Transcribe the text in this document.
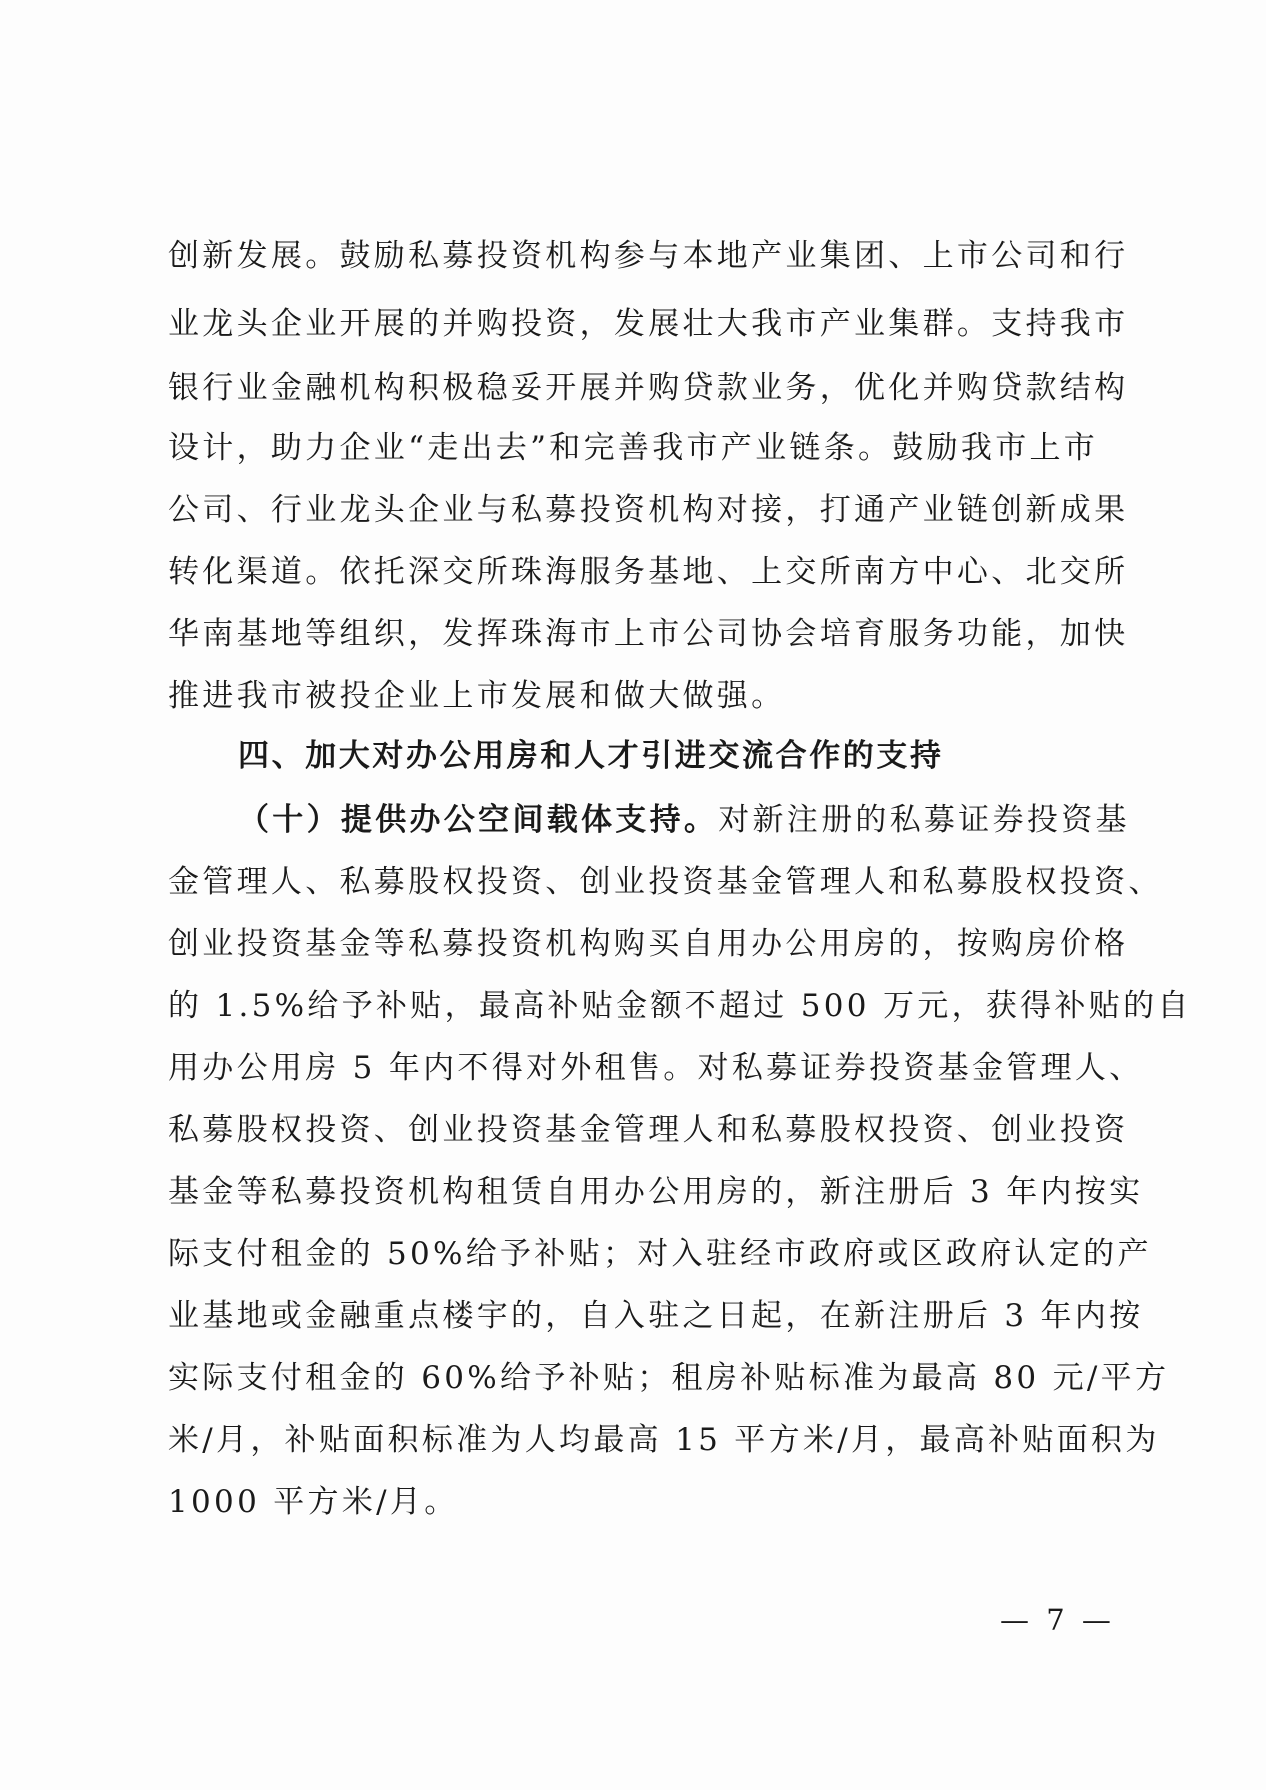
创新发展。鼓励私募投资机构参与本地产业集团、上市公司和行
业龙头企业开展的并购投资，发展壮大我市产业集群。支持我市
银行业金融机构积极稳妥开展并购贷款业务，优化并购贷款结构
设计，助力企业“走出去”和完善我市产业链条。鼓励我市上市
公司、行业龙头企业与私募投资机构对接，打通产业链创新成果
转化渠道。依托深交所珠海服务基地、上交所南方中心、北交所
华南基地等组织，发挥珠海市上市公司协会培育服务功能，加快
推进我市被投企业上市发展和做大做强。
四、加大对办公用房和人才引进交流合作的支持
（十）提供办公空间载体支持。对新注册的私募证券投资基
金管理人、私募股权投资、创业投资基金管理人和私募股权投资、
创业投资基金等私募投资机构购买自用办公用房的，按购房价格
的 1.5%给予补贴，最高补贴金额不超过 500 万元，获得补贴的自
用办公用房 5 年内不得对外租售。对私募证券投资基金管理人、
私募股权投资、创业投资基金管理人和私募股权投资、创业投资
基金等私募投资机构租赁自用办公用房的，新注册后 3 年内按实
际支付租金的 50%给予补贴；对入驻经市政府或区政府认定的产
业基地或金融重点楼宇的，自入驻之日起，在新注册后 3 年内按
实际支付租金的 60%给予补贴；租房补贴标准为最高 80 元/平方
米/月，补贴面积标准为人均最高 15 平方米/月，最高补贴面积为
1000 平方米/月。
— 7 —
